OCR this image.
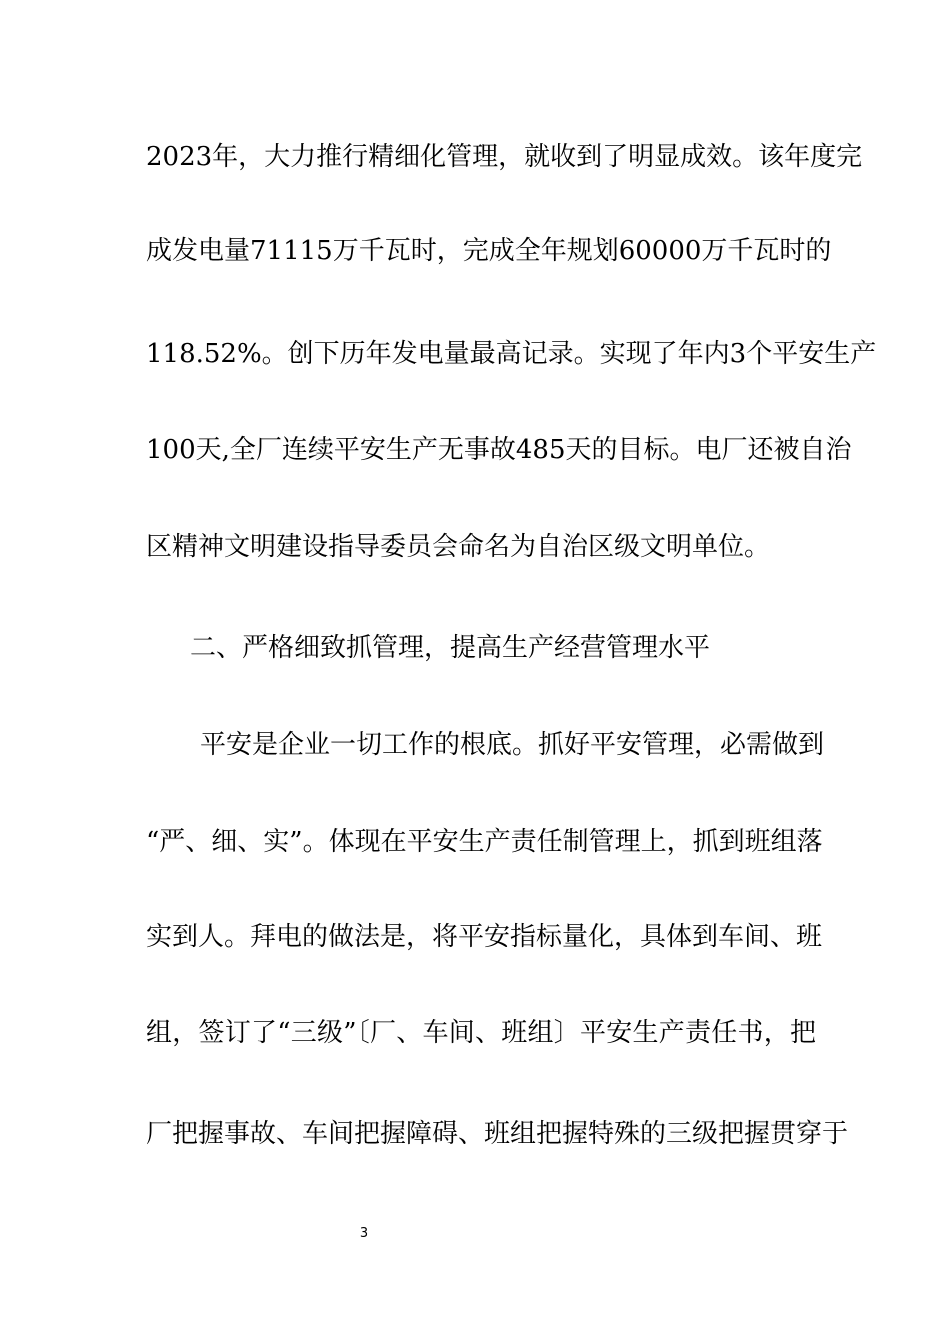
2023年，大力推行精细化管理，就收到了明显成效。该年度完
成发电量71115万千瓦时，完成全年规划60000万千瓦时的
118.52%。创下历年发电量最高记录。实现了年内3个平安生产
100天,全厂连续平安生产无事故485天的目标。电厂还被自治
区精神文明建设指导委员会命名为自治区级文明单位。
二、严格细致抓管理，提高生产经营管理水平
平安是企业一切工作的根底。抓好平安管理，必需做到
“严、细、实”。体现在平安生产责任制管理上，抓到班组落
实到人。拜电的做法是，将平安指标量化，具体到车间、班
组，签订了“三级”〔厂、车间、班组〕平安生产责任书，把
厂把握事故、车间把握障碍、班组把握特殊的三级把握贯穿于
3
